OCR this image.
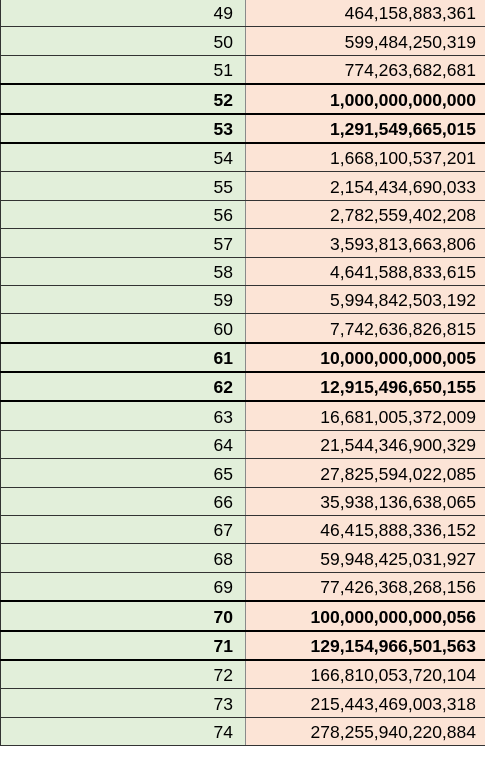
49	464,158,883,361
50	599,484,250,319
51	774,263,682,681
52	1,000,000,000,000
53	1,291,549,665,015
54	1,668,100,537,201
55	2,154,434,690,033
56	2,782,559,402,208
57	3,593,813,663,806
58	4,641,588,833,615
59	5,994,842,503,192
60	7,742,636,826,815
61	10,000,000,000,005
62	12,915,496,650,155
63	16,681,005,372,009
64	21,544,346,900,329
65	27,825,594,022,085
66	35,938,136,638,065
67	46,415,888,336,152
68	59,948,425,031,927
69	77,426,368,268,156
70	100,000,000,000,056
71	129,154,966,501,563
72	166,810,053,720,104
73	215,443,469,003,318
74	278,255,940,220,884
